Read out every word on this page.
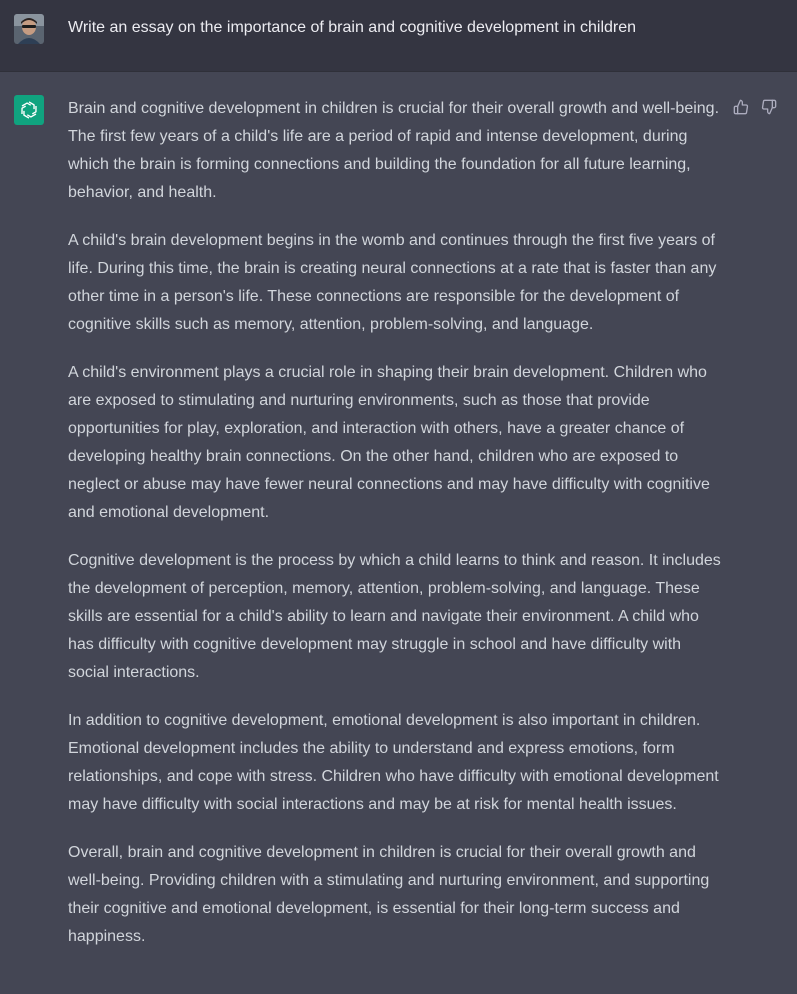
Write an essay on the importance of brain and cognitive development in children

Brain and cognitive development in children is crucial for their overall growth and well-being. The first few years of a child's life are a period of rapid and intense development, during which the brain is forming connections and building the foundation for all future learning, behavior, and health.

A child's brain development begins in the womb and continues through the first five years of life. During this time, the brain is creating neural connections at a rate that is faster than any other time in a person's life. These connections are responsible for the development of cognitive skills such as memory, attention, problem-solving, and language.

A child's environment plays a crucial role in shaping their brain development. Children who are exposed to stimulating and nurturing environments, such as those that provide opportunities for play, exploration, and interaction with others, have a greater chance of developing healthy brain connections. On the other hand, children who are exposed to neglect or abuse may have fewer neural connections and may have difficulty with cognitive and emotional development.

Cognitive development is the process by which a child learns to think and reason. It includes the development of perception, memory, attention, problem-solving, and language. These skills are essential for a child's ability to learn and navigate their environment. A child who has difficulty with cognitive development may struggle in school and have difficulty with social interactions.

In addition to cognitive development, emotional development is also important in children. Emotional development includes the ability to understand and express emotions, form relationships, and cope with stress. Children who have difficulty with emotional development may have difficulty with social interactions and may be at risk for mental health issues.

Overall, brain and cognitive development in children is crucial for their overall growth and well-being. Providing children with a stimulating and nurturing environment, and supporting their cognitive and emotional development, is essential for their long-term success and happiness.
